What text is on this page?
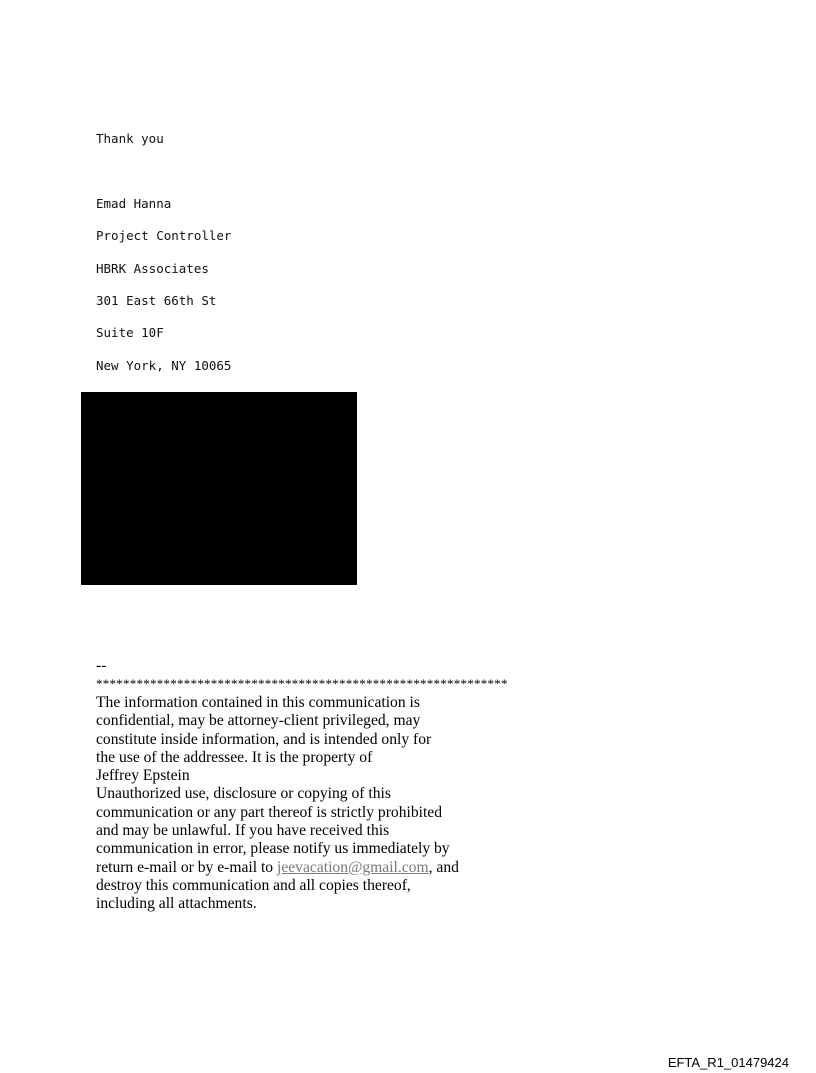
Thank you
Emad Hanna
Project Controller
HBRK Associates
301 East 66th St
Suite 10F
New York, NY 10065
--
*************************************************************
The information contained in this communication is
confidential, may be attorney-client privileged, may
constitute inside information, and is intended only for
the use of the addressee. It is the property of
Jeffrey Epstein
Unauthorized use, disclosure or copying of this
communication or any part thereof is strictly prohibited
and may be unlawful. If you have received this
communication in error, please notify us immediately by
return e-mail or by e-mail to jeevacation@gmail.com, and
destroy this communication and all copies thereof,
including all attachments.
EFTA_R1_01479424
